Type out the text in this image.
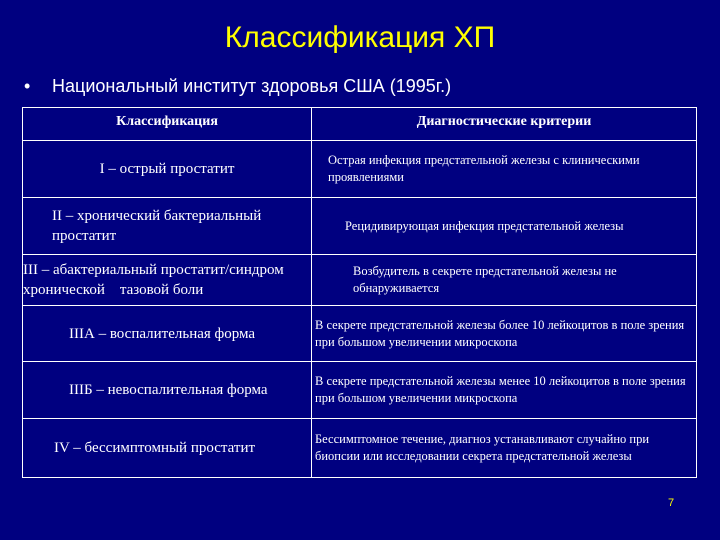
Классификация ХП
• Национальный институт здоровья США (1995г.)
Классификация	Диагностические критерии

I – острый простатит	Острая инфекция предстательной железы с клиническими проявлениями

II – хронический бактериальный простатит	Рецидивирующая инфекция предстательной железы

III – абактериальный простатит/синдром хронической    тазовой боли	Возбудитель в секрете предстательной железы не обнаруживается

IIIА – воспалительная форма	В секрете предстательной железы более 10 лейкоцитов в поле зрения при большом увеличении микроскопа

IIIБ – невоспалительная форма	В секрете предстательной железы менее 10 лейкоцитов в поле зрения при большом увеличении микроскопа

IV – бессимптомный простатит	Бессимптомное течение, диагноз устанавливают случайно при биопсии или исследовании секрета предстательной железы
7
